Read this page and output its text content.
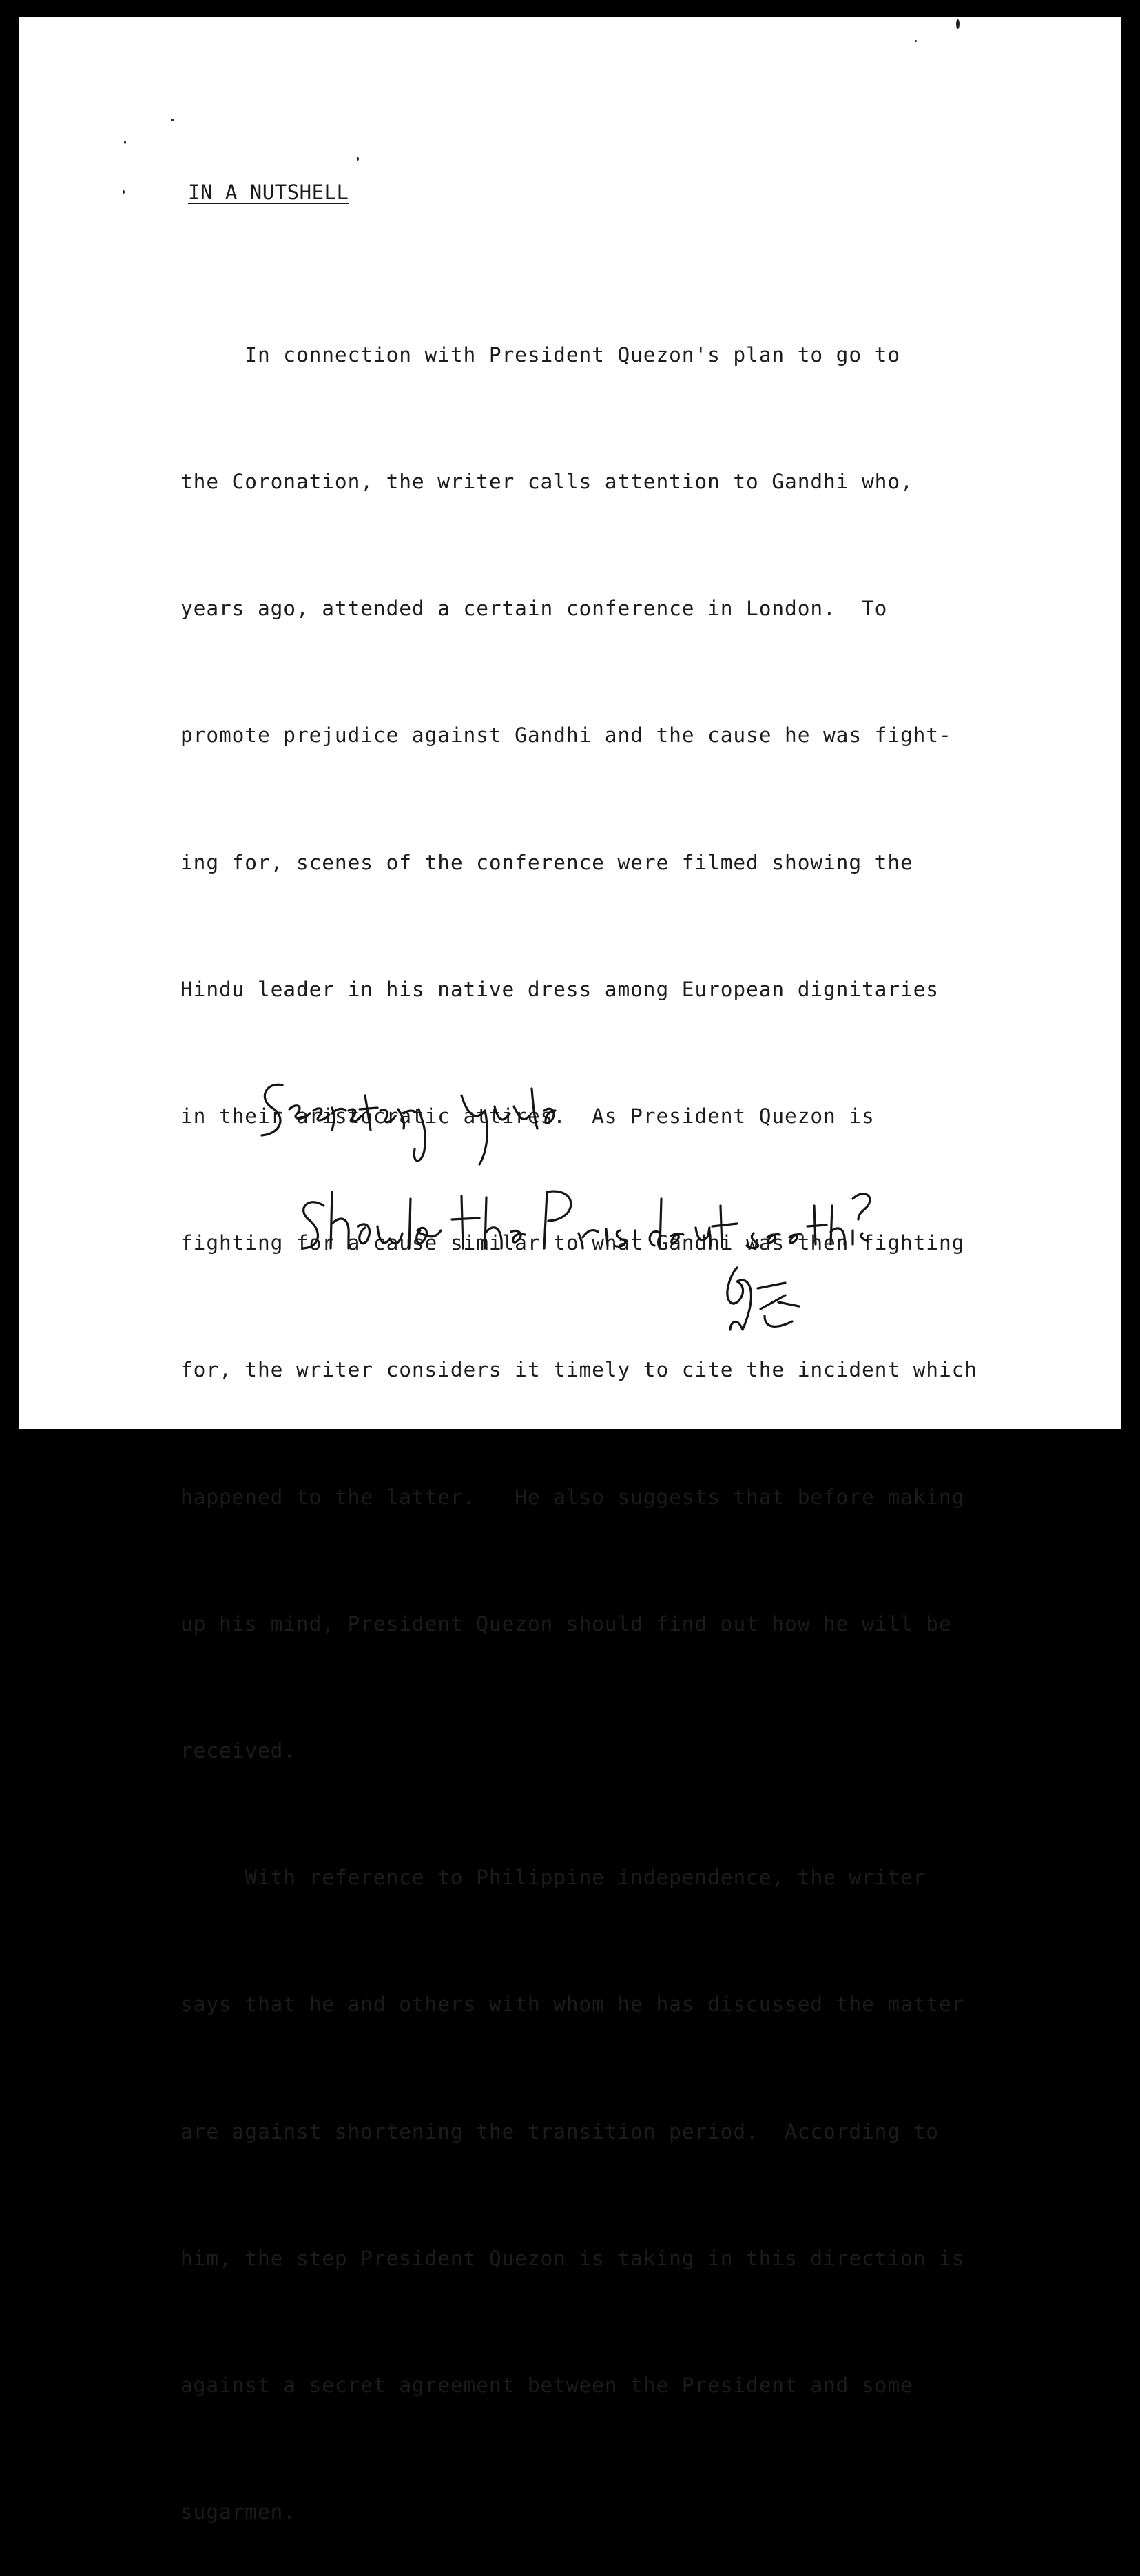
IN A NUTSHELL

In connection with President Quezon's plan to go to

the Coronation, the writer calls attention to Gandhi who,

years ago, attended a certain conference in London.  To

promote prejudice against Gandhi and the cause he was fight-

ing for, scenes of the conference were filmed showing the

Hindu leader in his native dress among European dignitaries

in their aristocratic attires.  As President Quezon is

fighting for a cause similar to what Gandhi was then fighting

for, the writer considers it timely to cite the incident which

happened to the latter.   He also suggests that before making

up his mind, President Quezon should find out how he will be

received.

With reference to Philippine independence, the writer

says that he and others with whom he has discussed the matter

are against shortening the transition period.  According to

him, the step President Quezon is taking in this direction is

against a secret agreement between the President and some

sugarmen.
